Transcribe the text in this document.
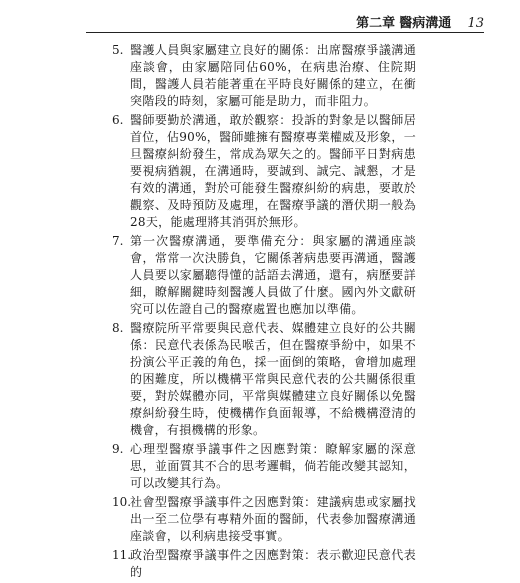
第二章 醫病溝通 13
5. 醫護人員與家屬建立良好的關係：出席醫療爭議溝通座談會，由家屬陪同佔60%，在病患治療、住院期間，醫護人員若能著重在平時良好關係的建立，在衝突階段的時刻，家屬可能是助力，而非阻力。
6. 醫師要勤於溝通，敢於觀察：投訴的對象是以醫師居首位，佔90%，醫師雖擁有醫療專業權威及形象，一旦醫療糾紛發生，常成為眾矢之的。醫師平日對病患要視病猶親，在溝通時，要誠到、誠完、誠懇，才是有效的溝通，對於可能發生醫療糾紛的病患，要敢於觀察、及時預防及處理，在醫療爭議的潛伏期一般為28天，能處理將其消弭於無形。
7. 第一次醫療溝通，要準備充分：與家屬的溝通座談會，常常一次決勝負，它關係著病患要再溝通，醫護人員要以家屬聽得懂的話語去溝通，還有，病歷要詳細，瞭解關鍵時刻醫護人員做了什麼。國內外文獻研究可以佐證自己的醫療處置也應加以準備。
8. 醫療院所平常要與民意代表、媒體建立良好的公共關係：民意代表係為民喉舌，但在醫療爭紛中，如果不扮演公平正義的角色，採一面倒的策略，會增加處理的困難度，所以機構平常與民意代表的公共關係很重要，對於媒體亦同，平常與媒體建立良好關係以免醫療糾紛發生時，使機構作負面報導，不給機構澄清的機會，有損機構的形象。
9. 心理型醫療爭議事件之因應對策：瞭解家屬的深意思，並面質其不合的思考邏輯，倘若能改變其認知，可以改變其行為。
10.
社會型醫療爭議事件之因應對策：建議病患或家屬找出一至二位學有專精外面的醫師，代表參加醫療溝通座談會，以利病患接受事實。
11.
政治型醫療爭議事件之因應對策：表示歡迎民意代表的
